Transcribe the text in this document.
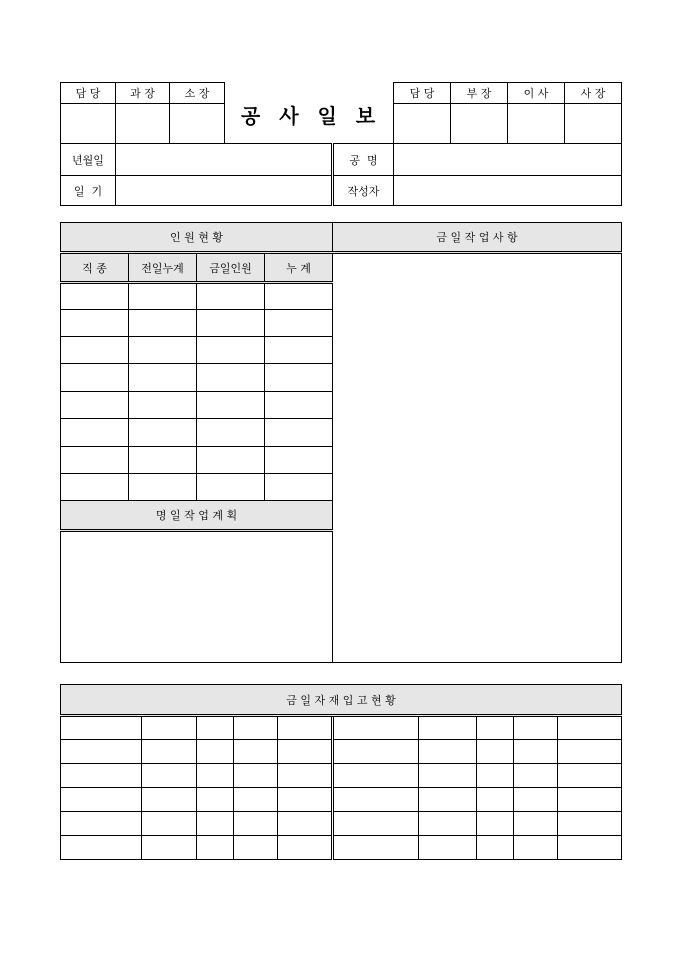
담 당	과 장	소 장

공 사 일 보
담 당	부 장	이 사	사 장

년월일		공  명	
일  기		작성자	
인 원 현 황				금 일 작 업 사 항
직 종	전일누계	금일인원	누 계	

명 일 작 업 계 획				

금 일 자 재 입 고 현 황									
